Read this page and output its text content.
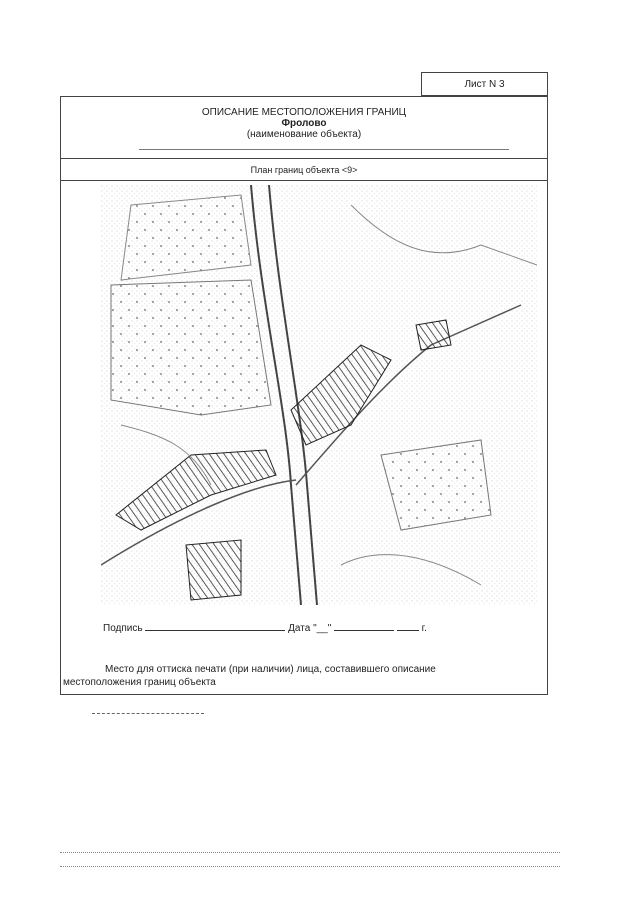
Лист N 3
ОПИСАНИЕ МЕСТОПОЛОЖЕНИЯ ГРАНИЦ
Фролово
(наименование объекта)
План границ объекта <9>
Подпись	Дата "__"	г.
Место для оттиска печати (при наличии) лица, составившего описание
местоположения границ объекта
